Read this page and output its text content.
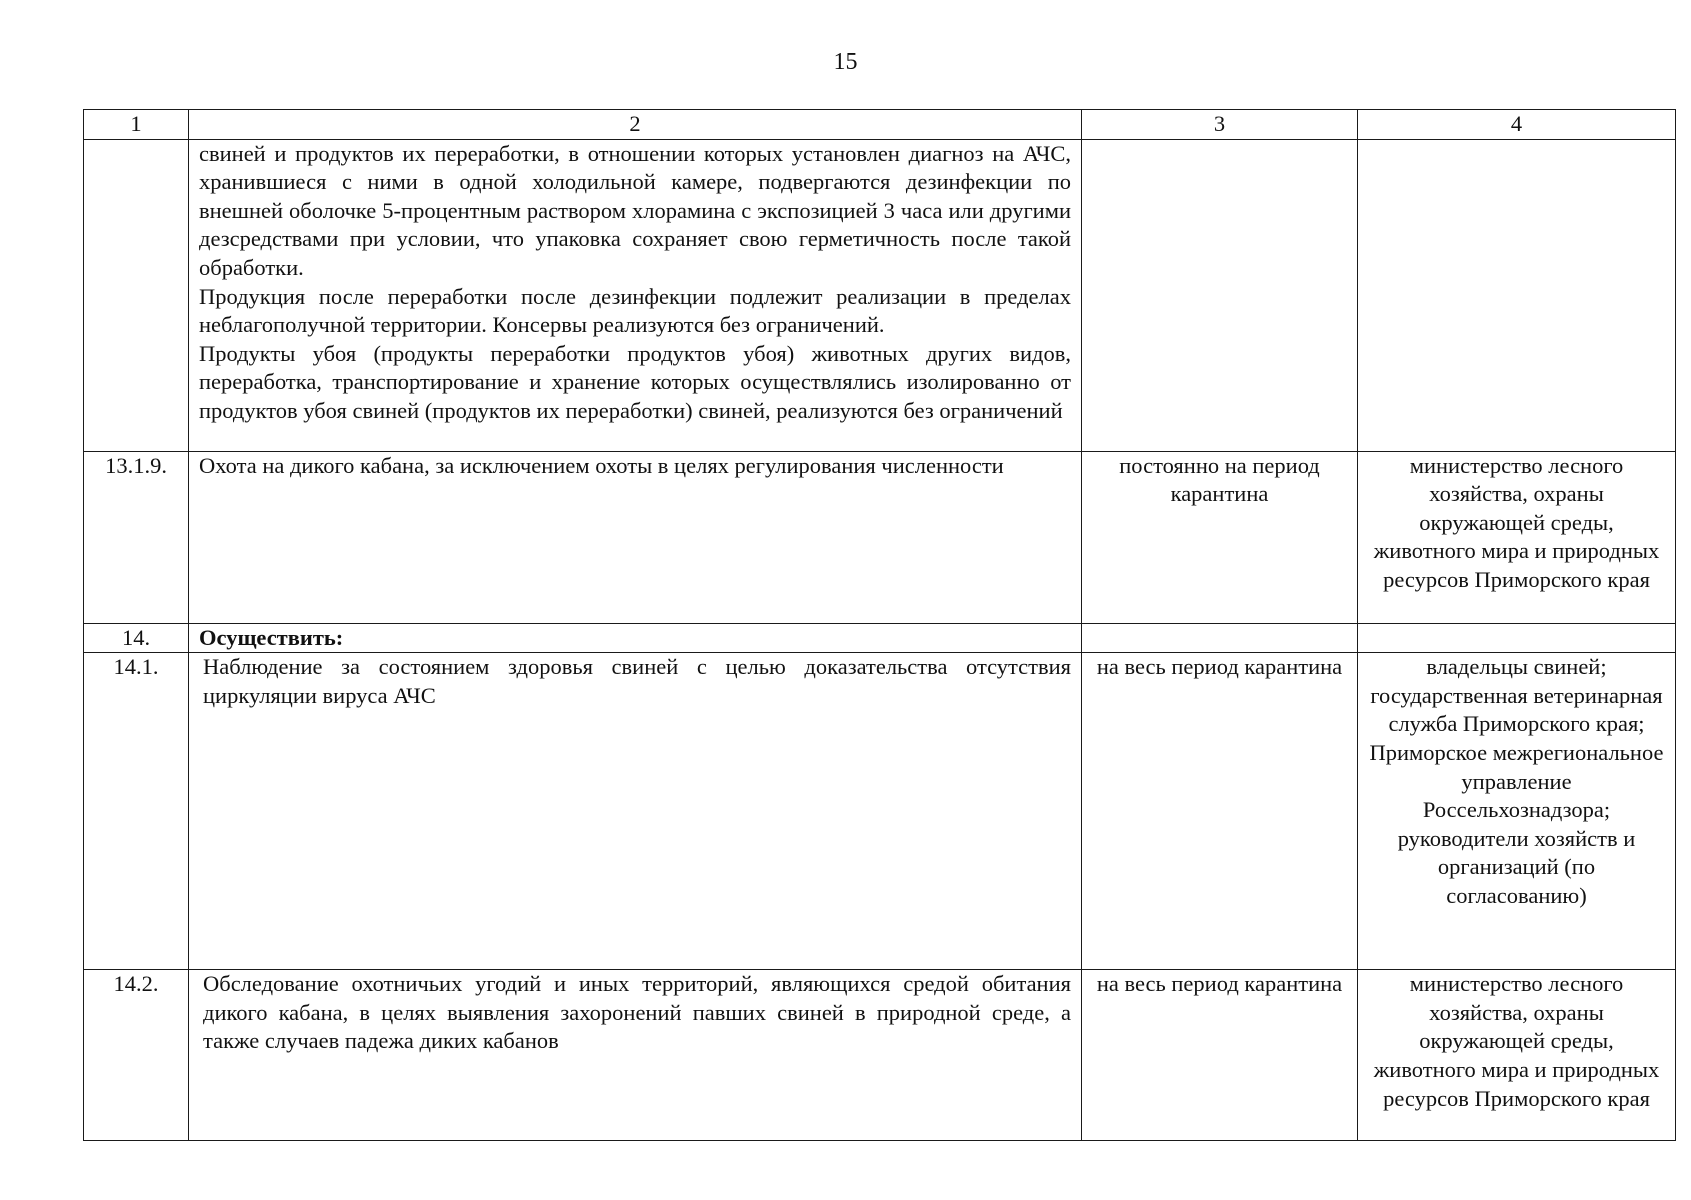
15
1	2	3	4

	свиней и продуктов их переработки, в отношении которых установлен диагноз на АЧС, хранившиеся с ними в одной холодильной камере, подвергаются дезинфекции по внешней оболочке 5-процентным раствором хлорамина с экспозицией 3 часа или другими дезсредствами при условии, что упаковка сохраняет свою герметичность после такой обработки.

Продукция после переработки после дезинфекции подлежит реализации в пределах неблагополучной территории. Консервы реализуются без ограничений.

Продукты убоя (продукты переработки продуктов убоя) животных других видов, переработка, транспортирование и хранение которых осуществлялись изолированно от продуктов убоя свиней (продуктов их переработки) свиней, реализуются без ограничений		

13.1.9.	Охота на дикого кабана, за исключением охоты в целях регулирования численности	постоянно на период карантина	министерство лесного хозяйства, охраны окружающей среды, животного мира и природных ресурсов Приморского края
14.	Осуществить:		
14.1.	Наблюдение за состоянием здоровья свиней с целью доказательства отсутствия циркуляции вируса АЧС	на весь период карантина	владельцы свиней; государственная ветеринарная служба Приморского края; Приморское межрегиональное управление Россельхознадзора; руководители хозяйств и организаций (по согласованию)
14.2.	Обследование охотничьих угодий и иных территорий, являющихся средой обитания дикого кабана, в целях выявления захоронений павших свиней в природной среде, а также случаев падежа диких кабанов	на весь период карантина	министерство лесного хозяйства, охраны окружающей среды, животного мира и природных ресурсов Приморского края
